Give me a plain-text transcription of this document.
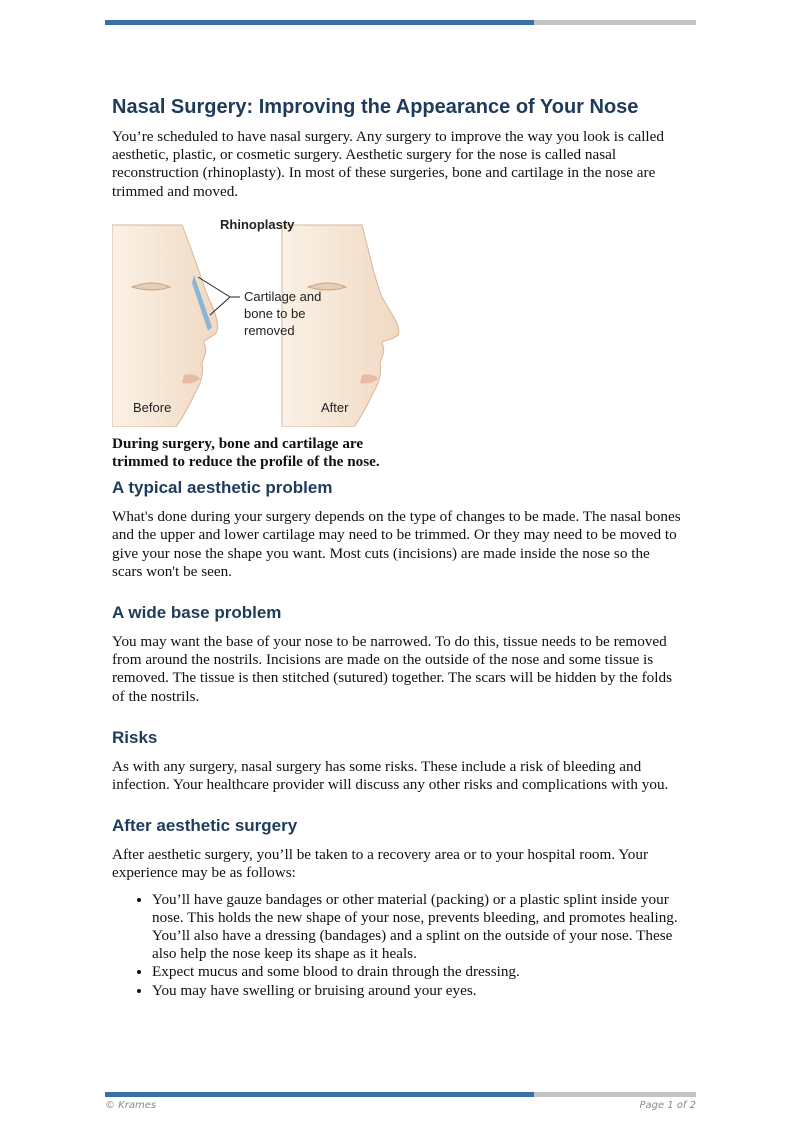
Nasal Surgery: Improving the Appearance of Your Nose

You’re scheduled to have nasal surgery. Any surgery to improve the way you look is called aesthetic, plastic, or cosmetic surgery. Aesthetic surgery for the nose is called nasal reconstruction (rhinoplasty). In most of these surgeries, bone and cartilage in the nose are trimmed and moved.

Rhinoplasty
Cartilage and
bone to be
removed
Before	After
During surgery, bone and cartilage are trimmed to reduce the profile of the nose.
A typical aesthetic problem

What's done during your surgery depends on the type of changes to be made. The nasal bones and the upper and lower cartilage may need to be trimmed. Or they may need to be moved to give your nose the shape you want. Most cuts (incisions) are made inside the nose so the scars won't be seen.

A wide base problem

You may want the base of your nose to be narrowed. To do this, tissue needs to be removed from around the nostrils. Incisions are made on the outside of the nose and some tissue is removed. The tissue is then stitched (sutured) together. The scars will be hidden by the folds of the nostrils.

Risks

As with any surgery, nasal surgery has some risks. These include a risk of bleeding and infection. Your healthcare provider will discuss any other risks and complications with you.

After aesthetic surgery

After aesthetic surgery, you’ll be taken to a recovery area or to your hospital room. Your experience may be as follows:

• You’ll have gauze bandages or other material (packing) or a plastic splint inside your nose. This holds the new shape of your nose, prevents bleeding, and promotes healing. You’ll also have a dressing (bandages) and a splint on the outside of your nose. These also help the nose keep its shape as it heals.
• Expect mucus and some blood to drain through the dressing.
• You may have swelling or bruising around your eyes.
© Krames	Page 1 of 2
